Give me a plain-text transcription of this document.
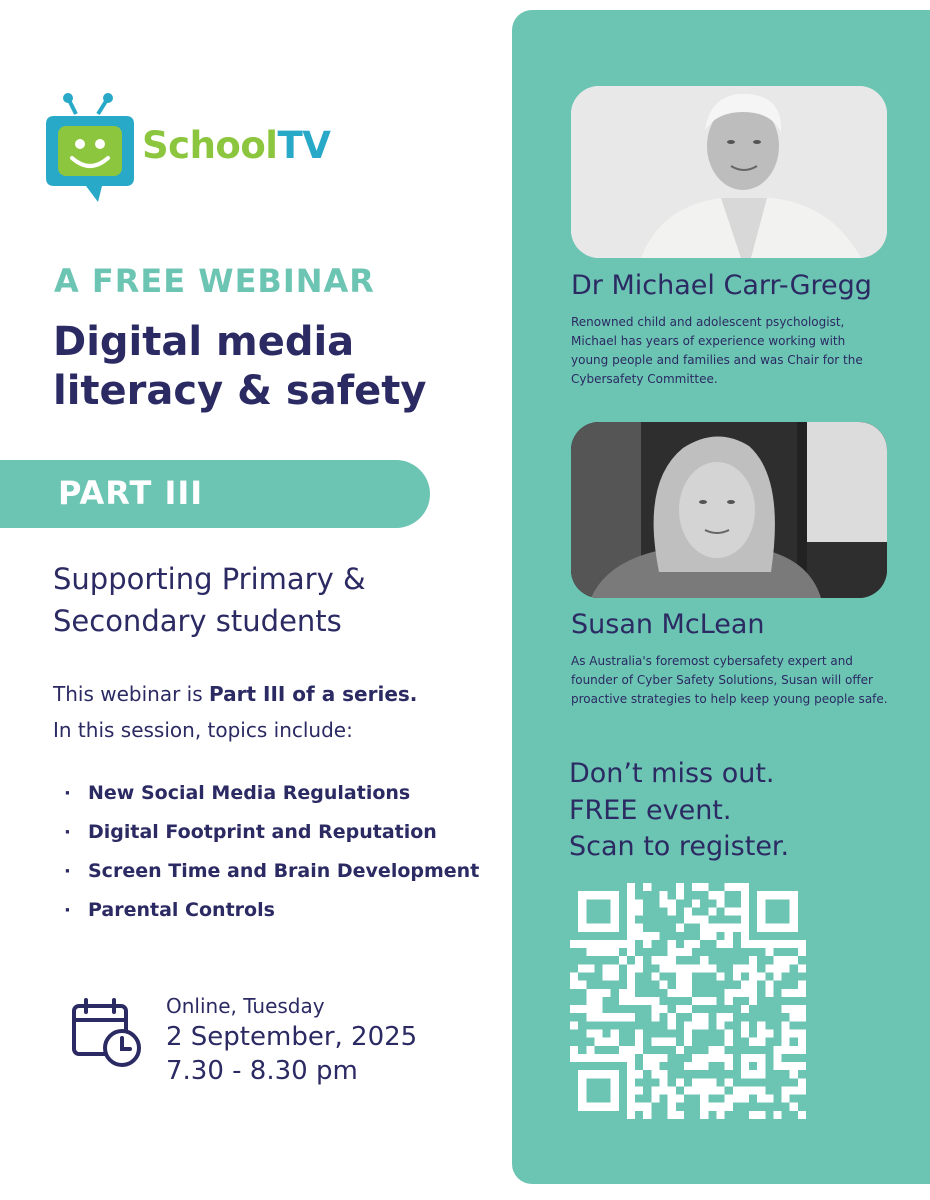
SchoolTV
A FREE WEBINAR
Digital media literacy & safety
PART III
Supporting Primary & Secondary students
This webinar is Part III of a series.
In this session, topics include:
· New Social Media Regulations
· Digital Footprint and Reputation
· Screen Time and Brain Development
· Parental Controls
Online, Tuesday
2 September, 2025
7.30 - 8.30 pm
Dr Michael Carr-Gregg
Renowned child and adolescent psychologist, Michael has years of experience working with young people and families and was Chair for the Cybersafety Committee.
Susan McLean
As Australia's foremost cybersafety expert and founder of Cyber Safety Solutions, Susan will offer proactive strategies to help keep young people safe.
Don’t miss out.
FREE event.
Scan to register.
